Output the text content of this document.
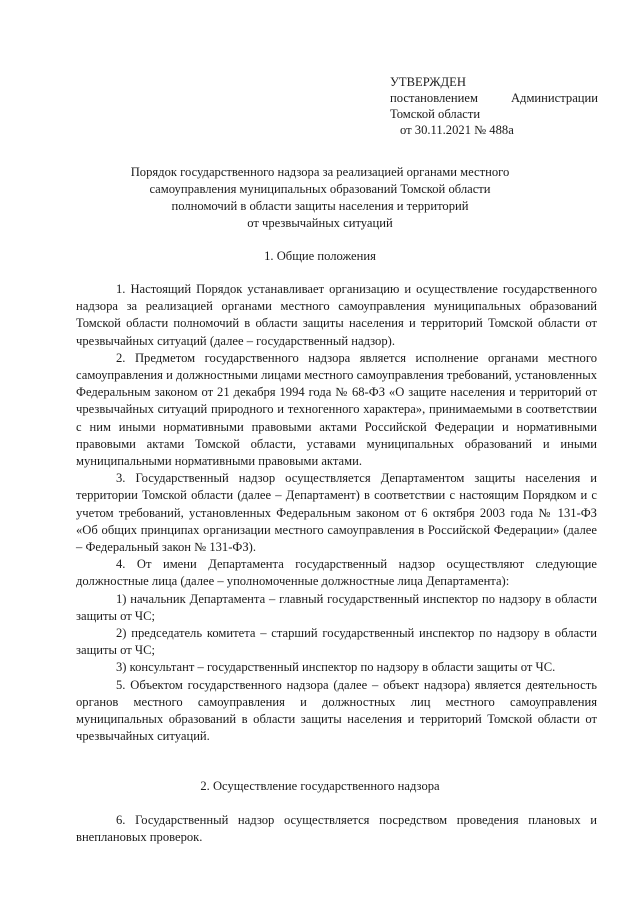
УТВЕРЖДЕН
постановлением	Администрации
Томской области
от 30.11.2021 № 488а
Порядок государственного надзора за реализацией органами местного
самоуправления муниципальных образований Томской области
полномочий в области защиты населения и территорий
от чрезвычайных ситуаций
1. Общие положения

1. Настоящий Порядок устанавливает организацию и осуществление государственного надзора за реализацией органами местного самоуправления муниципальных образований Томской области полномочий в области защиты населения и территорий Томской области от чрезвычайных ситуаций (далее – государственный надзор).

2. Предметом государственного надзора является исполнение органами местного самоуправления и должностными лицами местного самоуправления требований, установленных Федеральным законом от 21 декабря 1994 года № 68-ФЗ «О защите населения и территорий от чрезвычайных ситуаций природного и техногенного характера», принимаемыми в соответствии с ним иными нормативными правовыми актами Российской Федерации и нормативными правовыми актами Томской области, уставами муниципальных образований и иными муниципальными нормативными правовыми актами.

3. Государственный надзор осуществляется Департаментом защиты населения и территории Томской области (далее – Департамент) в соответствии с настоящим Порядком и с учетом требований, установленных Федеральным законом от 6 октября 2003 года № 131-ФЗ «Об общих принципах организации местного самоуправления в Российской Федерации» (далее – Федеральный закон № 131-ФЗ).

4. От имени Департамента государственный надзор осуществляют следующие должностные лица (далее – уполномоченные должностные лица Департамента):

1) начальник Департамента – главный государственный инспектор по надзору в области защиты от ЧС;

2) председатель комитета – старший государственный инспектор по надзору в области защиты от ЧС;

3) консультант – государственный инспектор по надзору в области защиты от ЧС.

5. Объектом государственного надзора (далее – объект надзора) является деятельность органов местного самоуправления и должностных лиц местного самоуправления муниципальных образований в области защиты населения и территорий Томской области от чрезвычайных ситуаций.

2. Осуществление государственного надзора

6. Государственный надзор осуществляется посредством проведения плановых и внеплановых проверок.
